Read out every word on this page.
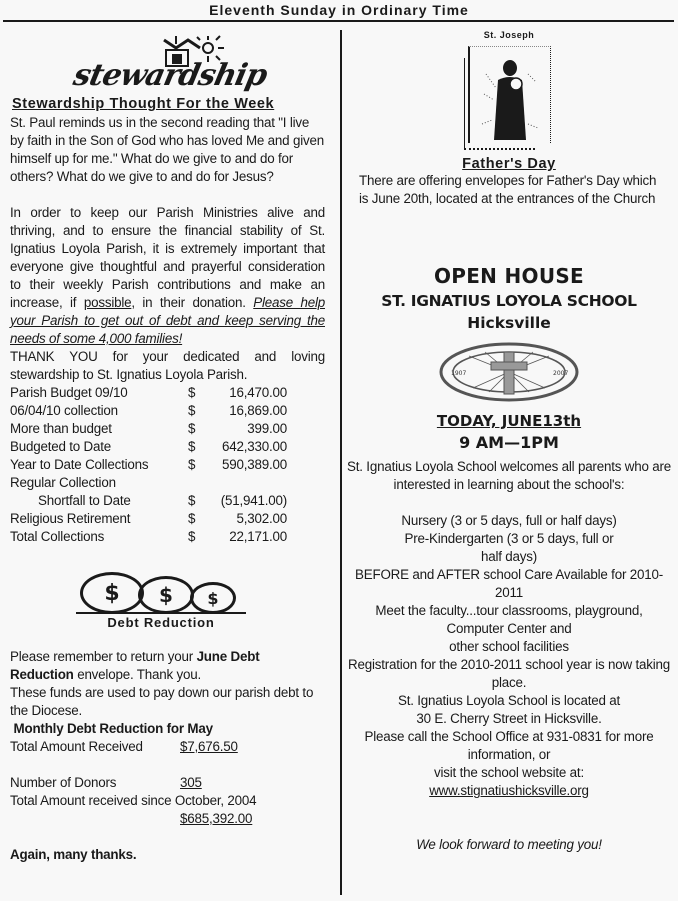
Eleventh Sunday in Ordinary Time
stewardship
Stewardship Thought For the Week
St. Paul reminds us in the second reading that "I live by faith in the Son of God who has loved Me and given himself up for me." What do we give to and do for others? What do we give to and do for Jesus?
In order to keep our Parish Ministries alive and thriving, and to ensure the financial stability of St. Ignatius Loyola Parish, it is extremely important that everyone give thoughtful and prayerful consideration to their weekly Parish contributions and make an increase, if possible, in their donation. Please help your Parish to get out of debt and keep serving the needs of some 4,000 families!
THANK YOU for your dedicated and loving stewardship to St. Ignatius Loyola Parish.
Parish Budget 09/10	$	16,470.00
06/04/10 collection	$	16,869.00
More than budget	$	399.00
Budgeted to Date	$	642,330.00
Year to Date Collections	$	590,389.00
Regular Collection
Shortfall to Date	$	(51,941.00)
Religious Retirement	$	5,302.00
Total Collections	$	22,171.00
$ $ $
Debt Reduction
Please remember to return your June Debt Reduction envelope. Thank you.
These funds are used to pay down our parish debt to the Diocese.
Monthly Debt Reduction for May
Total Amount Received	$7,676.50
Number of Donors	305
Total Amount received since October, 2004
$685,392.00
Again, many thanks.
St. Joseph
Father's Day
There are offering envelopes for Father's Day which is June 20th, located at the entrances of the Church
OPEN HOUSE
ST. IGNATIUS LOYOLA SCHOOL
Hicksville
1907	2007
TODAY, JUNE13th
9 AM—1PM
St. Ignatius Loyola School welcomes all parents who are interested in learning about the school's:
Nursery (3 or 5 days, full or half days)
Pre-Kindergarten (3 or 5 days, full or half days)
BEFORE and AFTER school Care Available for 2010-2011
Meet the faculty...tour classrooms, playground, Computer Center and
other school facilities
Registration for the 2010-2011 school year is now taking place.
St. Ignatius Loyola School is located at
30 E. Cherry Street in Hicksville.
Please call the School Office at 931-0831 for more information, or
visit the school website at:
www.stignatiushicksville.org
We look forward to meeting you!
